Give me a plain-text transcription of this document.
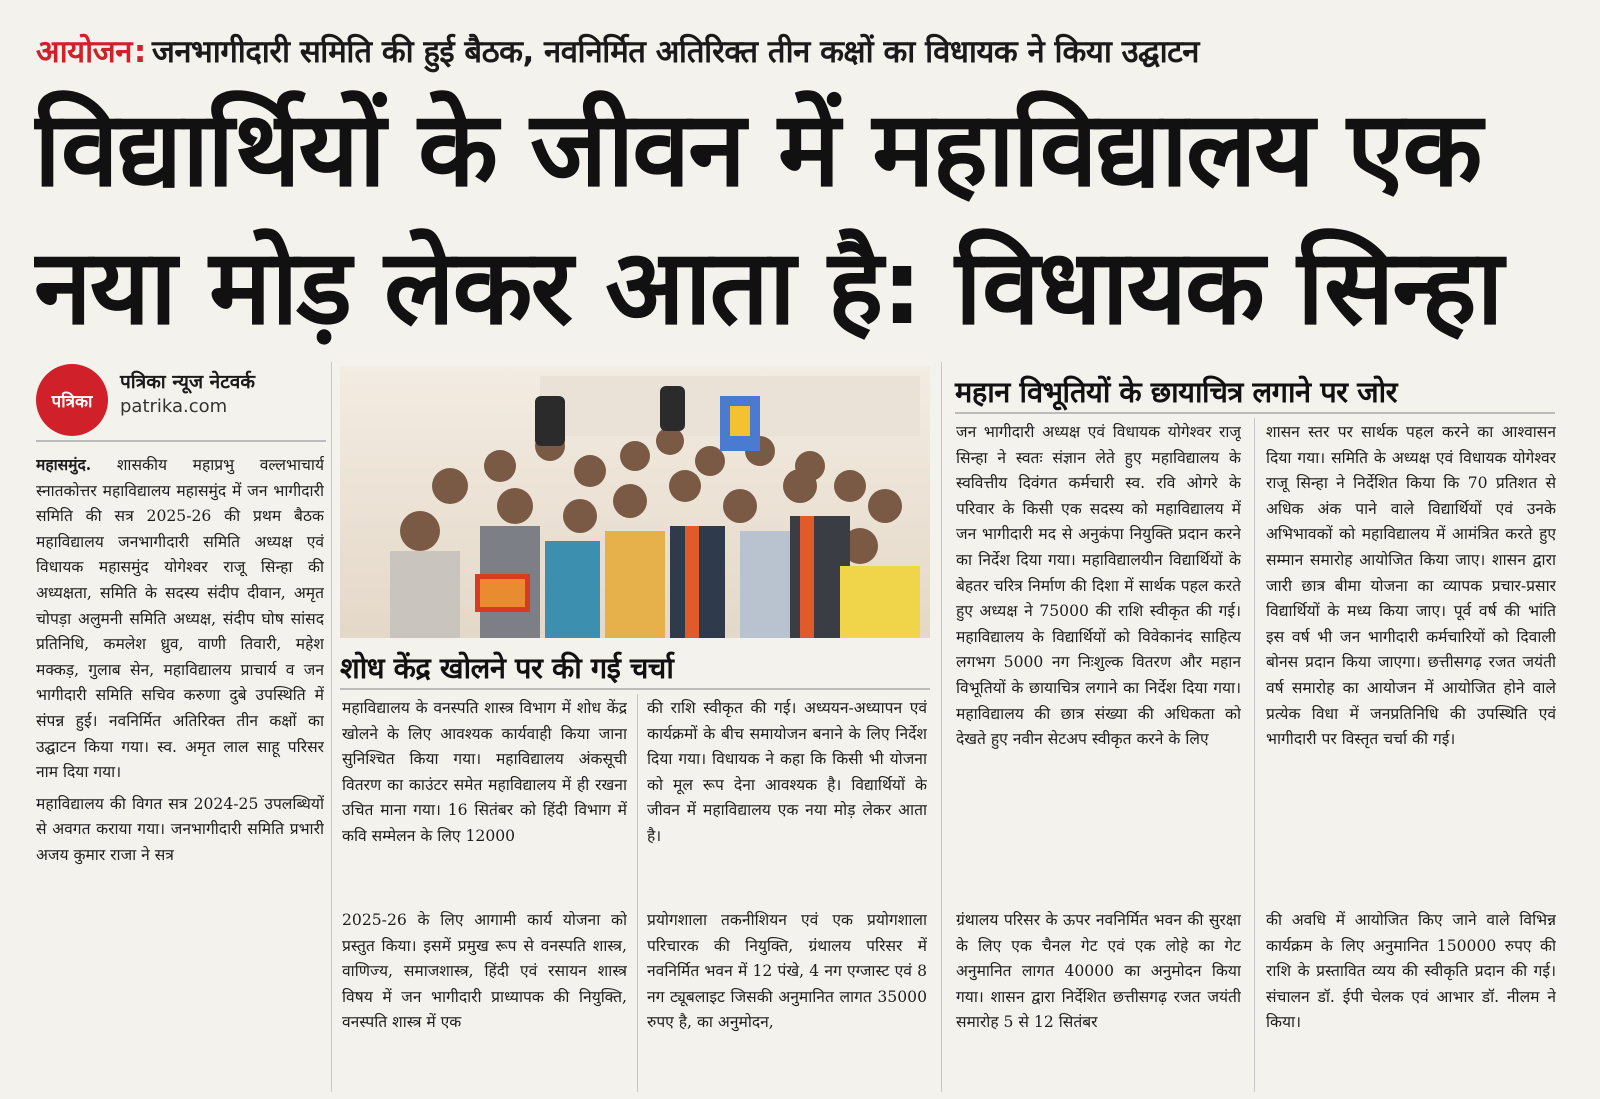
आयोजन: जनभागीदारी समिति की हुई बैठक, नवनिर्मित अतिरिक्त तीन कक्षों का विधायक ने किया उद्घाटन
विद्यार्थियों के जीवन में महाविद्यालय एक
नया मोड़ लेकर आता है: विधायक सिन्हा
पत्रिका
पत्रिका न्यूज नेटवर्क
patrika.com

महासमुंद. शासकीय महाप्रभु वल्लभाचार्य स्नातकोत्तर महाविद्यालय महासमुंद में जन भागीदारी समिति की सत्र 2025-26 की प्रथम बैठक महाविद्यालय जनभागीदारी समिति अध्यक्ष एवं विधायक महासमुंद योगेश्वर राजू सिन्हा की अध्यक्षता, समिति के सदस्य संदीप दीवान, अमृत चोपड़ा अलुमनी समिति अध्यक्ष, संदीप घोष सांसद प्रतिनिधि, कमलेश ध्रुव, वाणी तिवारी, महेश मक्कड़, गुलाब सेन, महाविद्यालय प्राचार्य व जन भागीदारी समिति सचिव करुणा दुबे उपस्थिति में संपन्न हुई। नवनिर्मित अतिरिक्त तीन कक्षों का उद्घाटन किया गया। स्व. अमृत लाल साहू परिसर नाम दिया गया।

महाविद्यालय की विगत सत्र 2024-25 उपलब्धियों से अवगत कराया गया। जनभागीदारी समिति प्रभारी अजय कुमार राजा ने सत्र

शोध केंद्र खोलने पर की गई चर्चा

महाविद्यालय के वनस्पति शास्त्र विभाग में शोध केंद्र खोलने के लिए आवश्यक कार्यवाही किया जाना सुनिश्चित किया गया। महाविद्यालय अंकसूची वितरण का काउंटर समेत महाविद्यालय में ही रखना उचित माना गया। 16 सितंबर को हिंदी विभाग में कवि सम्मेलन के लिए 12000

की राशि स्वीकृत की गई। अध्ययन-अध्यापन एवं कार्यक्रमों के बीच समायोजन बनाने के लिए निर्देश दिया गया। विधायक ने कहा कि किसी भी योजना को मूल रूप देना आवश्यक है। विद्यार्थियों के जीवन में महाविद्यालय एक नया मोड़ लेकर आता है।

2025-26 के लिए आगामी कार्य योजना को प्रस्तुत किया। इसमें प्रमुख रूप से वनस्पति शास्त्र, वाणिज्य, समाजशास्त्र, हिंदी एवं रसायन शास्त्र विषय में जन भागीदारी प्राध्यापक की नियुक्ति, वनस्पति शास्त्र में एक

प्रयोगशाला तकनीशियन एवं एक प्रयोगशाला परिचारक की नियुक्ति, ग्रंथालय परिसर में नवनिर्मित भवन में 12 पंखे, 4 नग एग्जास्ट एवं 8 नग ट्यूबलाइट जिसकी अनुमानित लागत 35000 रुपए है, का अनुमोदन,

महान विभूतियों के छायाचित्र लगाने पर जोर

जन भागीदारी अध्यक्ष एवं विधायक योगेश्वर राजू सिन्हा ने स्वतः संज्ञान लेते हुए महाविद्यालय के स्ववित्तीय दिवंगत कर्मचारी स्व. रवि ओगरे के परिवार के किसी एक सदस्य को महाविद्यालय में जन भागीदारी मद से अनुकंपा नियुक्ति प्रदान करने का निर्देश दिया गया। महाविद्यालयीन विद्यार्थियों के बेहतर चरित्र निर्माण की दिशा में सार्थक पहल करते हुए अध्यक्ष ने 75000 की राशि स्वीकृत की गई। महाविद्यालय के विद्यार्थियों को विवेकानंद साहित्य लगभग 5000 नग निःशुल्क वितरण और महान विभूतियों के छायाचित्र लगाने का निर्देश दिया गया। महाविद्यालय की छात्र संख्या की अधिकता को देखते हुए नवीन सेटअप स्वीकृत करने के लिए

शासन स्तर पर सार्थक पहल करने का आश्वासन दिया गया। समिति के अध्यक्ष एवं विधायक योगेश्वर राजू सिन्हा ने निर्देशित किया कि 70 प्रतिशत से अधिक अंक पाने वाले विद्यार्थियों एवं उनके अभिभावकों को महाविद्यालय में आमंत्रित करते हुए सम्मान समारोह आयोजित किया जाए। शासन द्वारा जारी छात्र बीमा योजना का व्यापक प्रचार-प्रसार विद्यार्थियों के मध्य किया जाए। पूर्व वर्ष की भांति इस वर्ष भी जन भागीदारी कर्मचारियों को दिवाली बोनस प्रदान किया जाएगा। छत्तीसगढ़ रजत जयंती वर्ष समारोह का आयोजन में आयोजित होने वाले प्रत्येक विधा में जनप्रतिनिधि की उपस्थिति एवं भागीदारी पर विस्तृत चर्चा की गई।

ग्रंथालय परिसर के ऊपर नवनिर्मित भवन की सुरक्षा के लिए एक चैनल गेट एवं एक लोहे का गेट अनुमानित लागत 40000 का अनुमोदन किया गया। शासन द्वारा निर्देशित छत्तीसगढ़ रजत जयंती समारोह 5 से 12 सितंबर

की अवधि में आयोजित किए जाने वाले विभिन्न कार्यक्रम के लिए अनुमानित 150000 रुपए की राशि के प्रस्तावित व्यय की स्वीकृति प्रदान की गई। संचालन डॉ. ईपी चेलक एवं आभार डॉ. नीलम ने किया।
